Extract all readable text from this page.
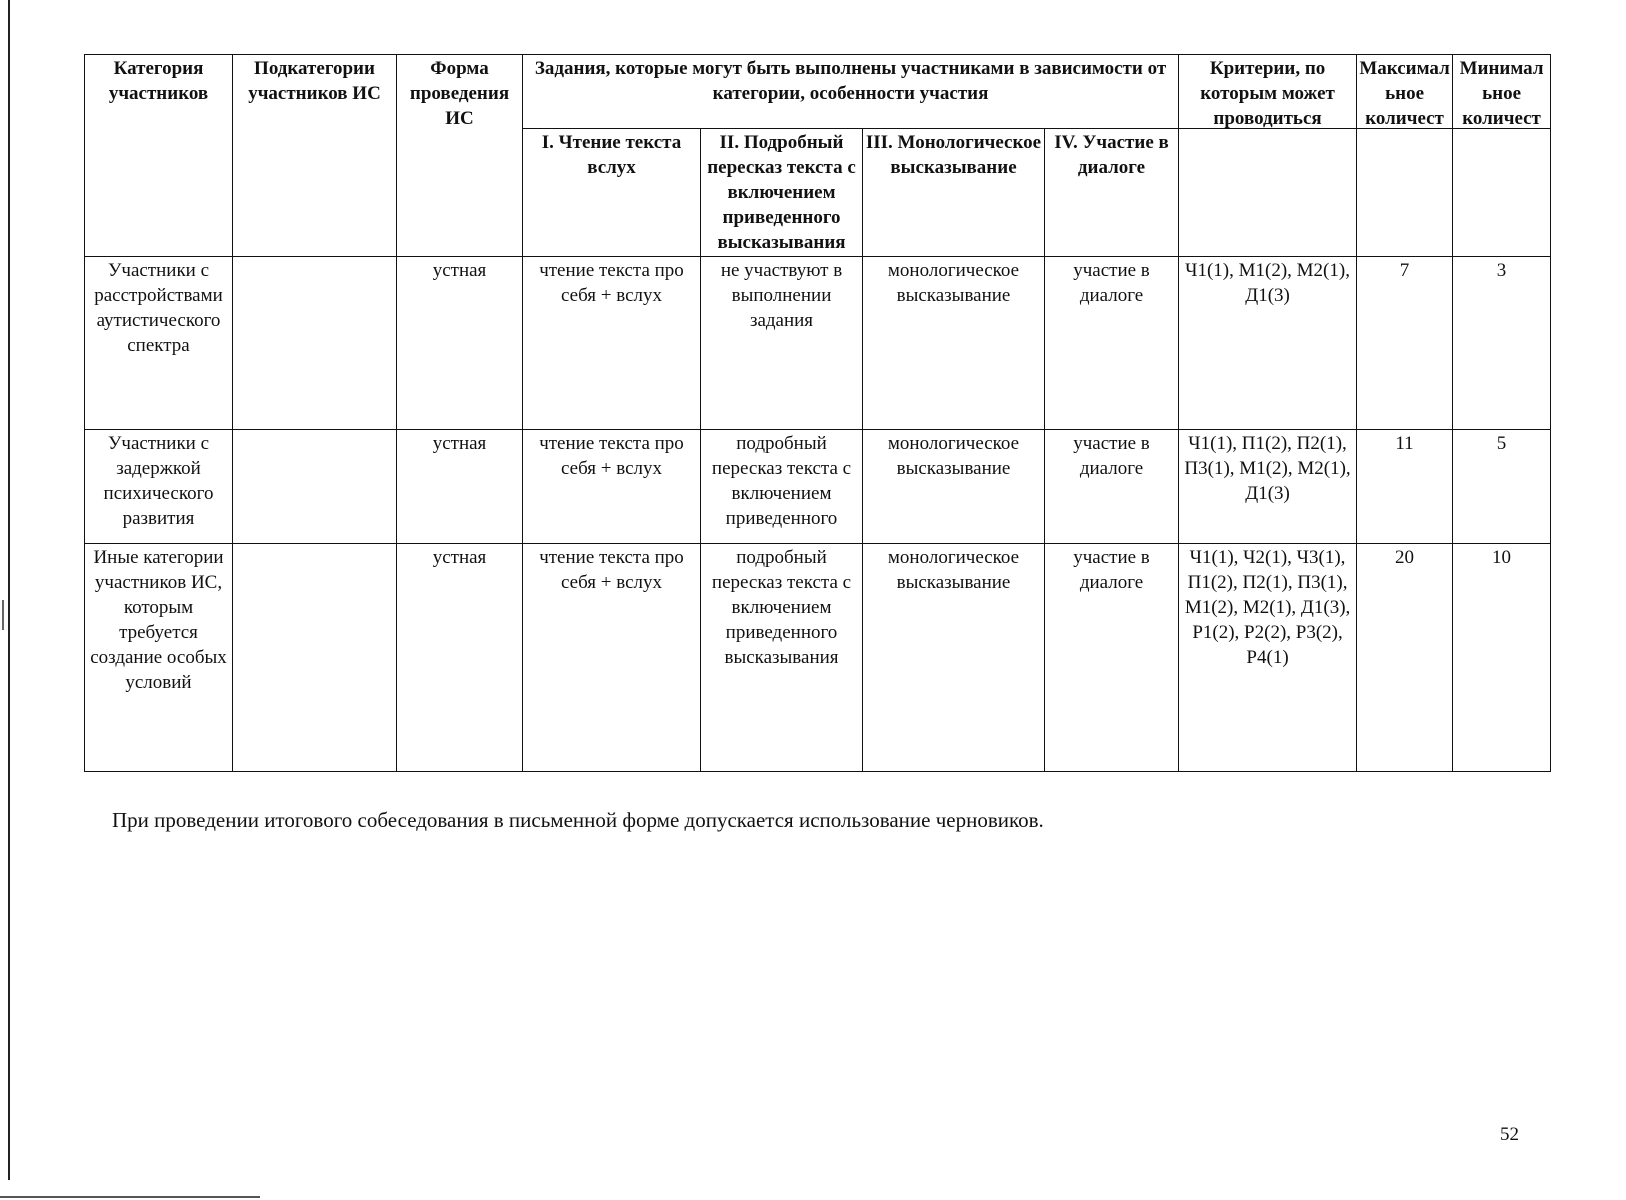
Категория участников	Подкатегории участников ИС	Форма проведения ИС	Задания, которые могут быть выполнены участниками в зависимости от категории, особенности участия				Критерии, по которым может проводиться	Максимальное количест	Минимальное количест

			I. Чтение текста вслух	II. Подробный пересказ текста с включением приведенного высказывания	III. Монологическое высказывание	IV. Участие в диалоге			
Участники с расстройствами аутистического спектра		устная	чтение текста про себя + вслух	не участвуют в выполнении задания	монологическое высказывание	участие в диалоге	Ч1(1), М1(2), М2(1), Д1(3)	7	3
Участники с задержкой психического развития		устная	чтение текста про себя + вслух	подробный пересказ текста с включением приведенного	монологическое высказывание	участие в диалоге	Ч1(1), П1(2), П2(1), П3(1), М1(2), М2(1), Д1(3)	11	5
Иные категории участников ИС, которым требуется создание особых условий		устная	чтение текста про себя + вслух	подробный пересказ текста с включением приведенного высказывания	монологическое высказывание	участие в диалоге	Ч1(1), Ч2(1), Ч3(1), П1(2), П2(1), П3(1), М1(2), М2(1), Д1(3), Р1(2), Р2(2), Р3(2), Р4(1)	20	10
При проведении итогового собеседования в письменной форме допускается использование черновиков.
52
